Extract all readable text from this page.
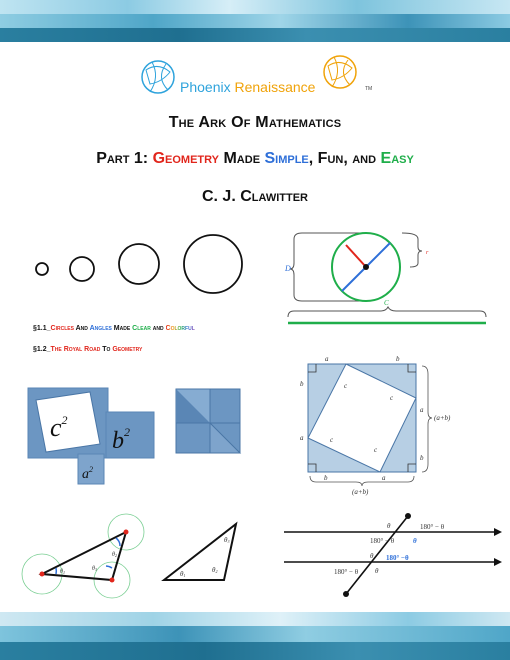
Phoenix Renaissance	TM
The Ark Of Mathematics
Part 1: Geometry Made Simple, Fun, and Easy
C. J. Clawitter
D
r
C
§1.1_Circles And Angles Made Clear and Colorful
§1.2_The Royal Road To Geometry
$c^2$
$b^2$
$a^2$
a	b
b
a
a
b
b	a
c
c
c
c
(a+b)
(a+b)
θ1
θ2
θ3
θ1
θ2
θ3
θ	180° − θ
180° − θ	θ
θ 180° −θ
180° − θ θ
